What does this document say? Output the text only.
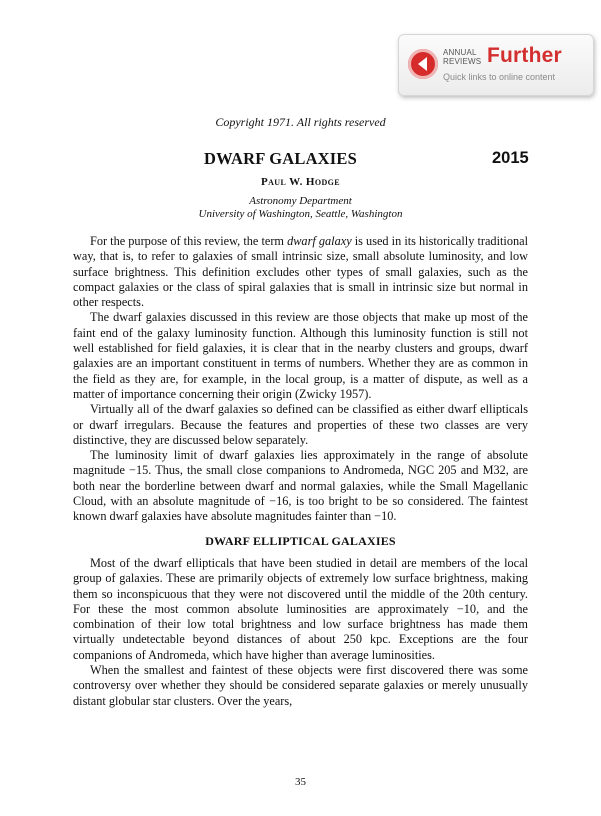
ANNUAL
REVIEWS Further
Quick links to online content
Copyright 1971. All rights reserved
DWARF GALAXIES	2015
Paul W. Hodge
Astronomy Department
University of Washington, Seattle, Washington

For the purpose of this review, the term dwarf galaxy is used in its historically traditional way, that is, to refer to galaxies of small intrinsic size, small absolute luminosity, and low surface brightness. This definition excludes other types of small galaxies, such as the compact galaxies or the class of spiral galaxies that is small in intrinsic size but normal in other respects.

The dwarf galaxies discussed in this review are those objects that make up most of the faint end of the galaxy luminosity function. Although this luminosity function is still not well established for field galaxies, it is clear that in the nearby clusters and groups, dwarf galaxies are an important constituent in terms of numbers. Whether they are as common in the field as they are, for example, in the local group, is a matter of dispute, as well as a matter of importance concerning their origin (Zwicky 1957).

Virtually all of the dwarf galaxies so defined can be classified as either dwarf ellipticals or dwarf irregulars. Because the features and properties of these two classes are very distinctive, they are discussed below separately.

The luminosity limit of dwarf galaxies lies approximately in the range of absolute magnitude −15. Thus, the small close companions to Andromeda, NGC 205 and M32, are both near the borderline between dwarf and normal galaxies, while the Small Magellanic Cloud, with an absolute magnitude of −16, is too bright to be so considered. The faintest known dwarf galaxies have absolute magnitudes fainter than −10.

DWARF ELLIPTICAL GALAXIES

Most of the dwarf ellipticals that have been studied in detail are members of the local group of galaxies. These are primarily objects of extremely low surface brightness, making them so inconspicuous that they were not discovered until the middle of the 20th century. For these the most common absolute luminosities are approximately −10, and the combination of their low total brightness and low surface brightness has made them virtually undetectable beyond distances of about 250 kpc. Exceptions are the four companions of Andromeda, which have higher than average luminosities.

When the smallest and faintest of these objects were first discovered there was some controversy over whether they should be considered separate galaxies or merely unusually distant globular star clusters. Over the years,

35
